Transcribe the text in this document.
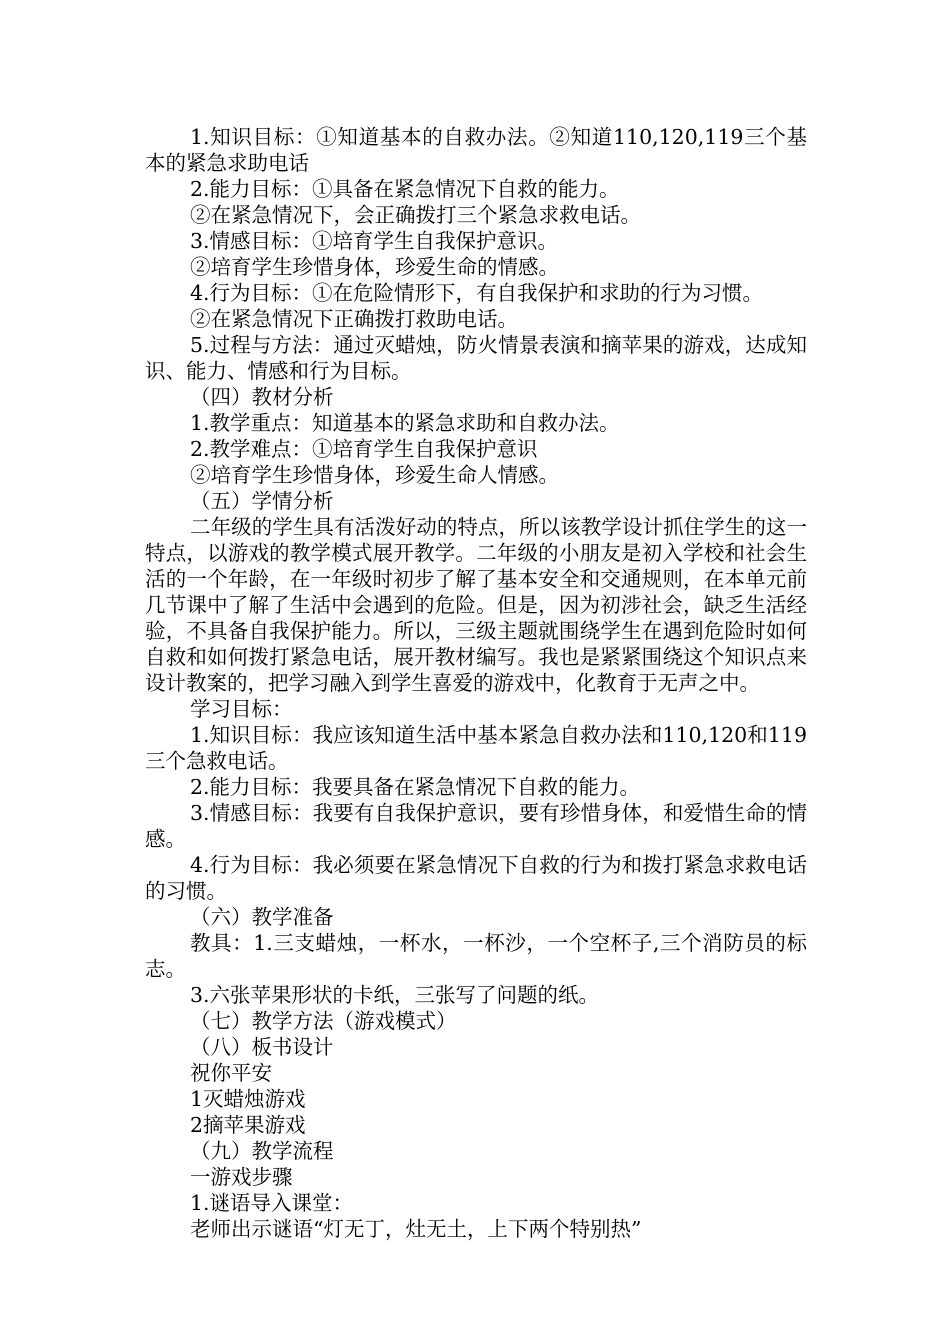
1.知识目标：①知道基本的自救办法。②知道110,120,119三个基本的紧急求助电话

2.能力目标：①具备在紧急情况下自救的能力。

②在紧急情况下，会正确拨打三个紧急求救电话。

3.情感目标：①培育学生自我保护意识。

②培育学生珍惜身体，珍爱生命的情感。

4.行为目标：①在危险情形下，有自我保护和求助的行为习惯。

②在紧急情况下正确拨打救助电话。

5.过程与方法：通过灭蜡烛，防火情景表演和摘苹果的游戏，达成知识、能力、情感和行为目标。

（四）教材分析

1.教学重点：知道基本的紧急求助和自救办法。

2.教学难点：①培育学生自我保护意识

②培育学生珍惜身体，珍爱生命人情感。

（五）学情分析

二年级的学生具有活泼好动的特点，所以该教学设计抓住学生的这一特点，以游戏的教学模式展开教学。二年级的小朋友是初入学校和社会生活的一个年龄，在一年级时初步了解了基本安全和交通规则，在本单元前几节课中了解了生活中会遇到的危险。但是，因为初涉社会，缺乏生活经验，不具备自我保护能力。所以，三级主题就围绕学生在遇到危险时如何自救和如何拨打紧急电话，展开教材编写。我也是紧紧围绕这个知识点来设计教案的，把学习融入到学生喜爱的游戏中，化教育于无声之中。

学习目标：

1.知识目标：我应该知道生活中基本紧急自救办法和110,120和119三个急救电话。

2.能力目标：我要具备在紧急情况下自救的能力。

3.情感目标：我要有自我保护意识，要有珍惜身体，和爱惜生命的情感。

4.行为目标：我必须要在紧急情况下自救的行为和拨打紧急求救电话的习惯。

（六）教学准备

教具：1.三支蜡烛，一杯水，一杯沙，一个空杯子,三个消防员的标志。

3.六张苹果形状的卡纸，三张写了问题的纸。

（七）教学方法（游戏模式）

（八）板书设计

祝你平安

1灭蜡烛游戏

2摘苹果游戏

（九）教学流程

一游戏步骤

1.谜语导入课堂：

老师出示谜语“灯无丁，灶无土，上下两个特别热”
